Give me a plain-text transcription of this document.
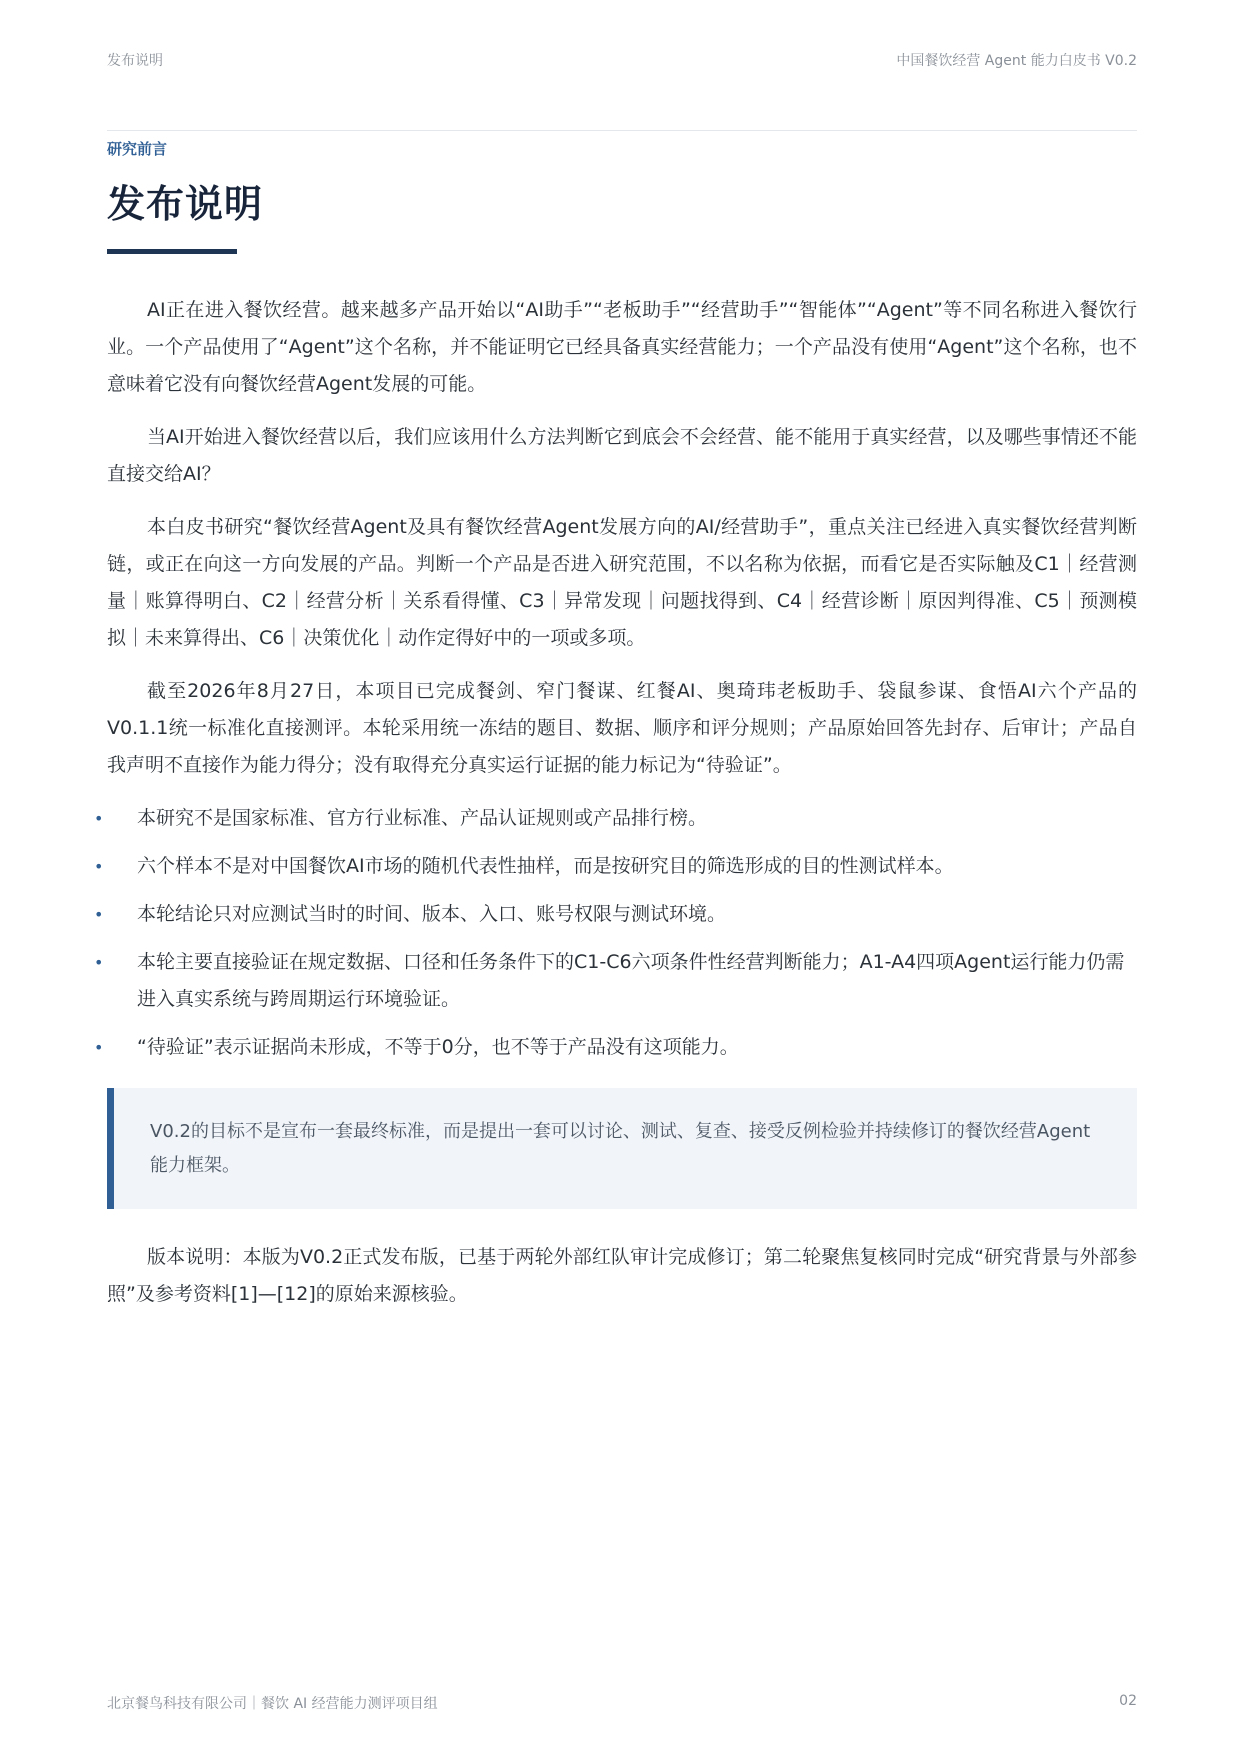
发布说明	中国餐饮经营 Agent 能力白皮书 V0.2
研究前言
发布说明

AI正在进入餐饮经营。越来越多产品开始以“AI助手”“老板助手”“经营助手”“智能体”“Agent”等不同名称进入餐饮行业。一个产品使用了“Agent”这个名称，并不能证明它已经具备真实经营能力；一个产品没有使用“Agent”这个名称，也不意味着它没有向餐饮经营Agent发展的可能。

当AI开始进入餐饮经营以后，我们应该用什么方法判断它到底会不会经营、能不能用于真实经营，以及哪些事情还不能直接交给AI？

本白皮书研究“餐饮经营Agent及具有餐饮经营Agent发展方向的AI/经营助手”，重点关注已经进入真实餐饮经营判断链，或正在向这一方向发展的产品。判断一个产品是否进入研究范围，不以名称为依据，而看它是否实际触及C1｜经营测量｜账算得明白、C2｜经营分析｜关系看得懂、C3｜异常发现｜问题找得到、C4｜经营诊断｜原因判得准、C5｜预测模拟｜未来算得出、C6｜决策优化｜动作定得好中的一项或多项。

截至2026年8月27日，本项目已完成餐剑、窄门餐谋、红餐AI、奥琦玮老板助手、袋鼠参谋、食悟AI六个产品的V0.1.1统一标准化直接测评。本轮采用统一冻结的题目、数据、顺序和评分规则；产品原始回答先封存、后审计；产品自我声明不直接作为能力得分；没有取得充分真实运行证据的能力标记为“待验证”。

• 本研究不是国家标准、官方行业标准、产品认证规则或产品排行榜。
• 六个样本不是对中国餐饮AI市场的随机代表性抽样，而是按研究目的筛选形成的目的性测试样本。
• 本轮结论只对应测试当时的时间、版本、入口、账号权限与测试环境。
• 本轮主要直接验证在规定数据、口径和任务条件下的C1-C6六项条件性经营判断能力；A1-A4四项Agent运行能力仍需进入真实系统与跨周期运行环境验证。
• “待验证”表示证据尚未形成，不等于0分，也不等于产品没有这项能力。
V0.2的目标不是宣布一套最终标准，而是提出一套可以讨论、测试、复查、接受反例检验并持续修订的餐饮经营Agent能力框架。

版本说明：本版为V0.2正式发布版，已基于两轮外部红队审计完成修订；第二轮聚焦复核同时完成“研究背景与外部参照”及参考资料[1]—[12]的原始来源核验。

北京餐鸟科技有限公司｜餐饮 AI 经营能力测评项目组	02
